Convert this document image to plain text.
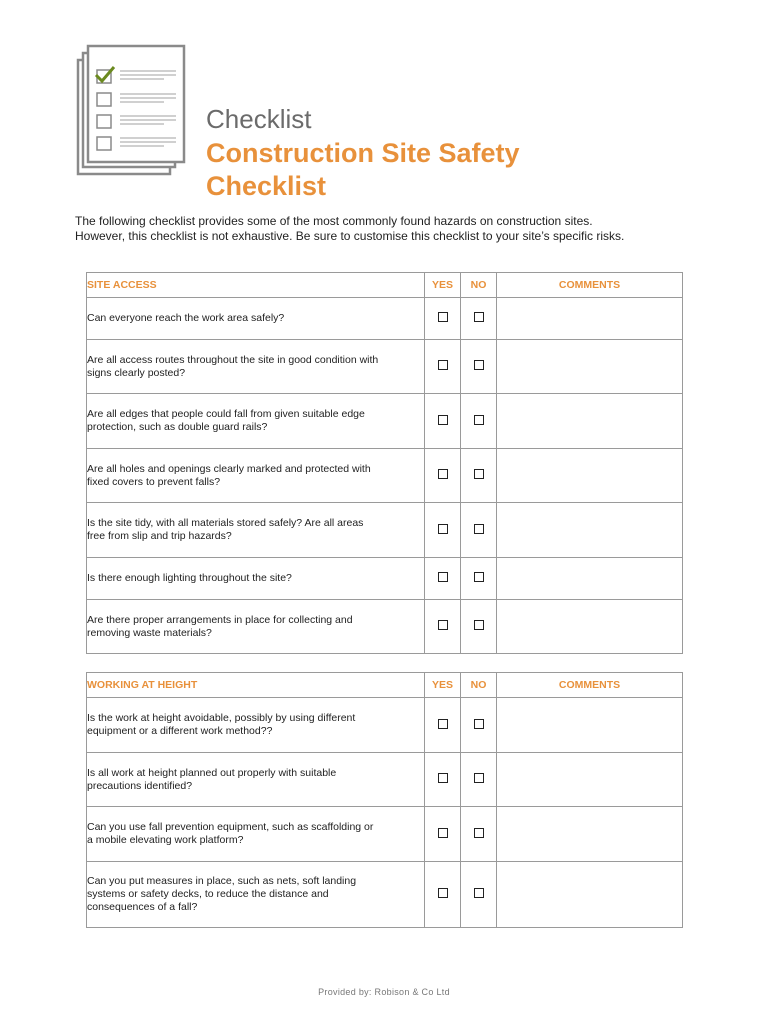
Checklist
Construction Site Safety
Checklist
The following checklist provides some of the most commonly found hazards on construction sites.
However, this checklist is not exhaustive. Be sure to customise this checklist to your site’s specific risks.
SITE ACCESS	YES	NO	COMMENTS

Can everyone reach the work area safely?			

Are all access routes throughout the site in good condition with
signs clearly posted?			

Are all edges that people could fall from given suitable edge
protection, such as double guard rails?			

Are all holes and openings clearly marked and protected with
fixed covers to prevent falls?			

Is the site tidy, with all materials stored safely? Are all areas
free from slip and trip hazards?			

Is there enough lighting throughout the site?			

Are there proper arrangements in place for collecting and
removing waste materials?			

WORKING AT HEIGHT	YES	NO	COMMENTS

Is the work at height avoidable, possibly by using different
equipment or a different work method??			

Is all work at height planned out properly with suitable
precautions identified?			

Can you use fall prevention equipment, such as scaffolding or
a mobile elevating work platform?			

Can you put measures in place, such as nets, soft landing
systems or safety decks, to reduce the distance and
consequences of a fall?			

Provided by: Robison & Co Ltd
